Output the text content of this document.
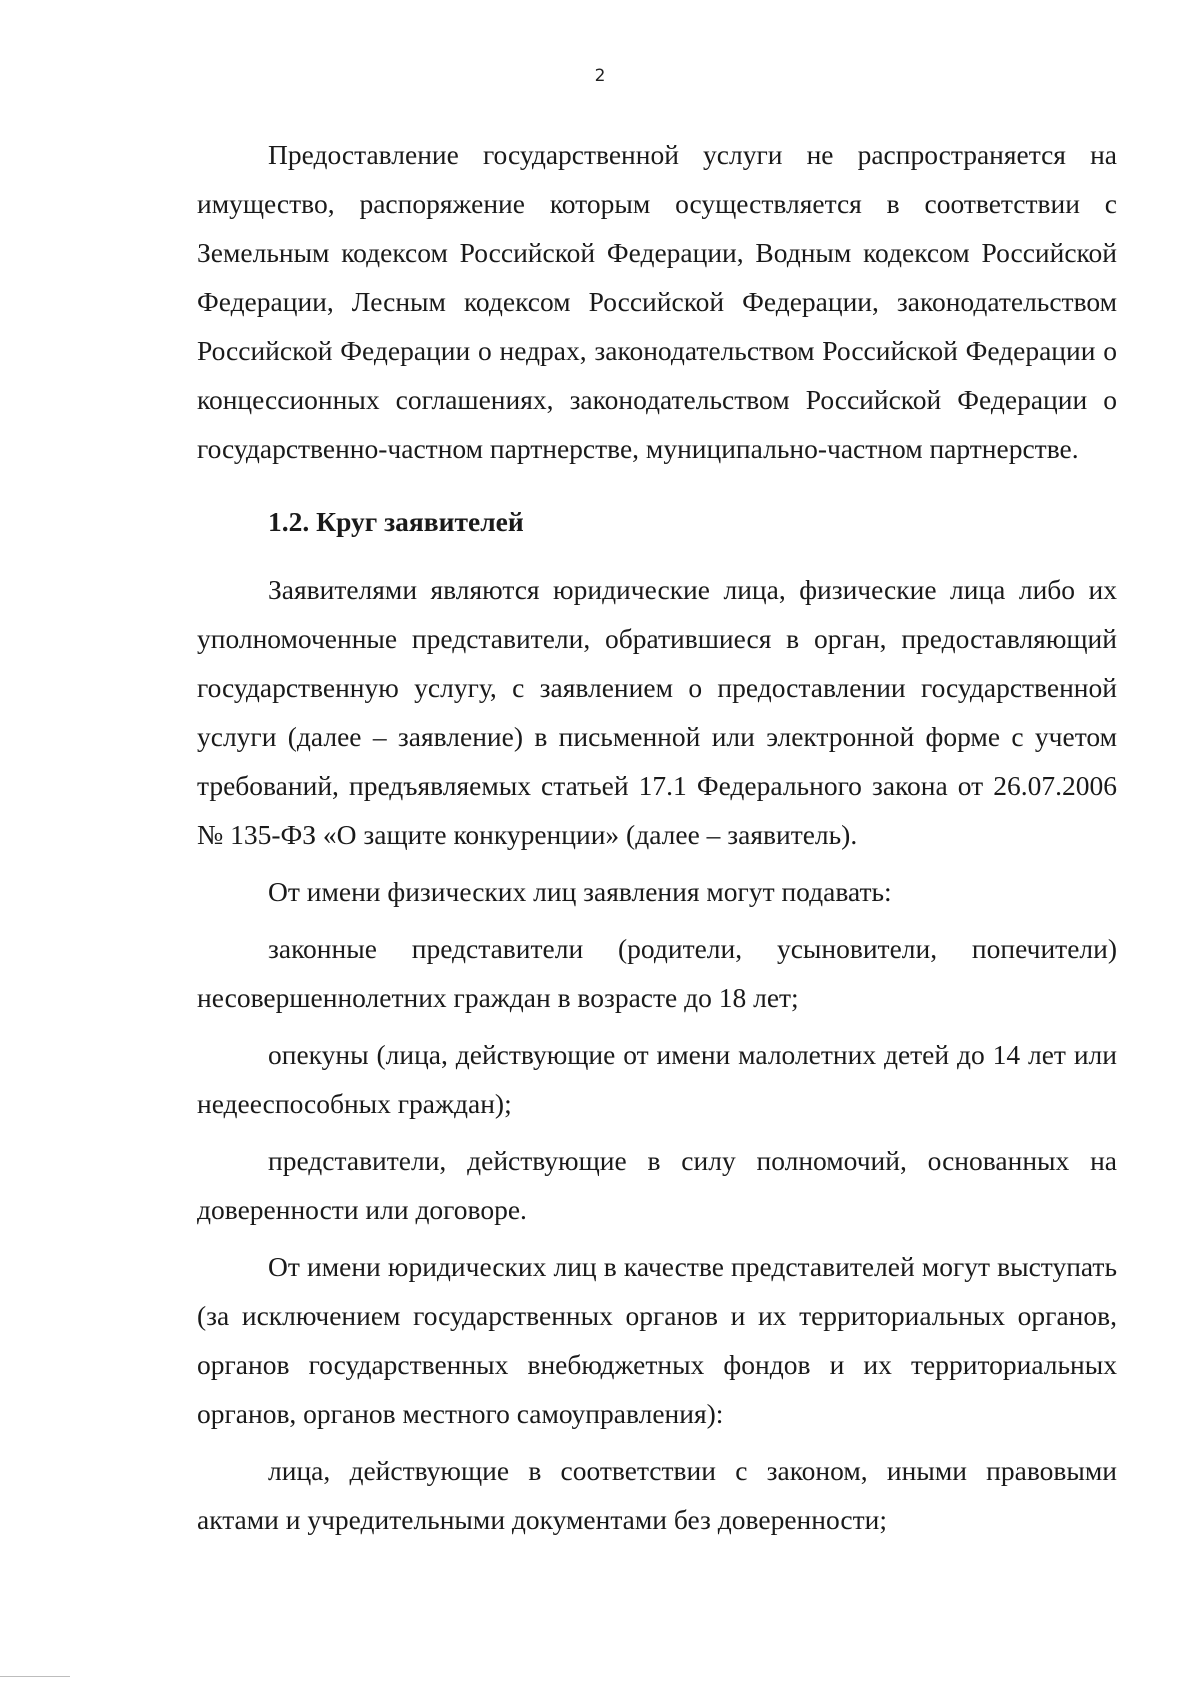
2

Предоставление государственной услуги не распространяется на имущество, распоряжение которым осуществляется в соответствии с Земельным кодексом Российской Федерации, Водным кодексом Российской Федерации, Лесным кодексом Российской Федерации, законодательством Российской Федерации о недрах, законодательством Российской Федерации о концессионных соглашениях, законодательством Российской Федерации о государственно-частном партнерстве, муниципально-частном партнерстве.

1.2. Круг заявителей

Заявителями являются юридические лица, физические лица либо их уполномоченные представители, обратившиеся в орган, предоставляющий государственную услугу, с заявлением о предоставлении государственной услуги (далее – заявление) в письменной или электронной форме с учетом требований, предъявляемых статьей 17.1 Федерального закона от 26.07.2006 № 135-ФЗ «О защите конкуренции» (далее – заявитель).

От имени физических лиц заявления могут подавать:

законные представители (родители, усыновители, попечители) несовершеннолетних граждан в возрасте до 18 лет;

опекуны (лица, действующие от имени малолетних детей до 14 лет или недееспособных граждан);

представители, действующие в силу полномочий, основанных на доверенности или договоре.

От имени юридических лиц в качестве представителей могут выступать (за исключением государственных органов и их территориальных органов, органов государственных внебюджетных фондов и их территориальных органов, органов местного самоуправления):

лица, действующие в соответствии с законом, иными правовыми актами и учредительными документами без доверенности;
